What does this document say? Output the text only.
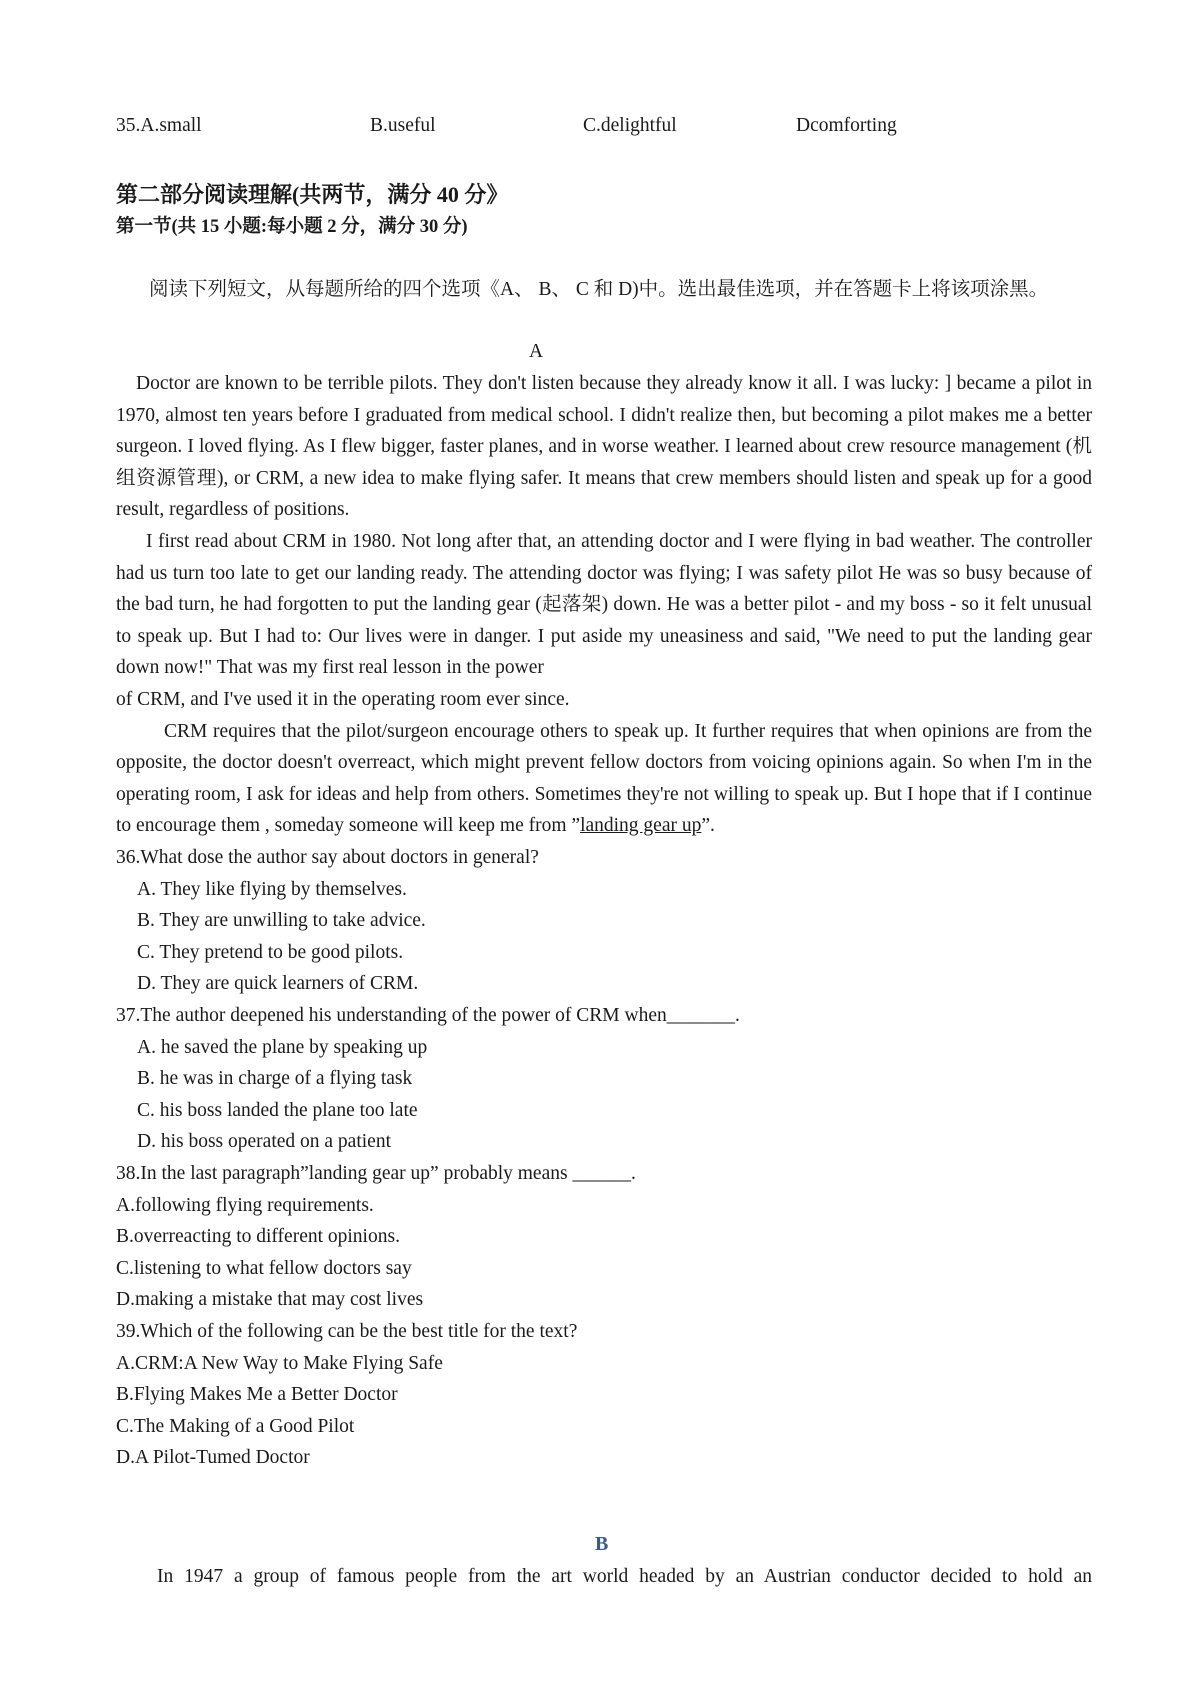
35.A.small	B.useful	C.delightful	Dcomforting
第二部分阅读理解(共两节，满分 40 分》
第一节(共 15 小题:每小题 2 分，满分 30 分)

阅读下列短文，从每题所给的四个选项《A、 B、 C 和 D)中。选出最佳选项，并在答题卡上将该项涂黑。

A

Doctor are known to be terrible pilots. They don't listen because they already know it all. I was lucky: ] became a pilot in 1970, almost ten years before I graduated from medical school. I didn't realize then, but becoming a pilot makes me a better surgeon. I loved flying. As I flew bigger, faster planes, and in worse weather. I learned about crew resource management (机组资源管理), or CRM, a new idea to make flying safer. It means that crew members should listen and speak up for a good result, regardless of positions.

I first read about CRM in 1980. Not long after that, an attending doctor and I were flying in bad weather. The controller had us turn too late to get our landing ready. The attending doctor was flying; I was safety pilot He was so busy because of the bad turn, he had forgotten to put the landing gear (起落架) down. He was a better pilot - and my boss - so it felt unusual to speak up. But I had to: Our lives were in danger. I put aside my uneasiness and said, "We need to put the landing gear down now!" That was my first real lesson in the power

of CRM, and I've used it in the operating room ever since.

CRM requires that the pilot/surgeon encourage others to speak up. It further requires that when opinions are from the opposite, the doctor doesn't overreact, which might prevent fellow doctors from voicing opinions again. So when I'm in the operating room, I ask for ideas and help from others. Sometimes they're not willing to speak up. But I hope that if I continue to encourage them , someday someone will keep me from ”landing gear up”.

36.What dose the author say about doctors in general?
A. They like flying by themselves.
B. They are unwilling to take advice.
C. They pretend to be good pilots.
D. They are quick learners of CRM.
37.The author deepened his understanding of the power of CRM when_______.
A. he saved the plane by speaking up
B. he was in charge of a flying task
C. his boss landed the plane too late
D. his boss operated on a patient
38.In the last paragraph”landing gear up” probably means ______.
A.following flying requirements.
B.overreacting to different opinions.
C.listening to what fellow doctors say
D.making a mistake that may cost lives
39.Which of the following can be the best title for the text?
A.CRM:A New Way to Make Flying Safe
B.Flying Makes Me a Better Doctor
C.The Making of a Good Pilot
D.A Pilot-Tumed Doctor
B

In 1947 a group of famous people from the art world headed by an Austrian conductor decided to hold an
